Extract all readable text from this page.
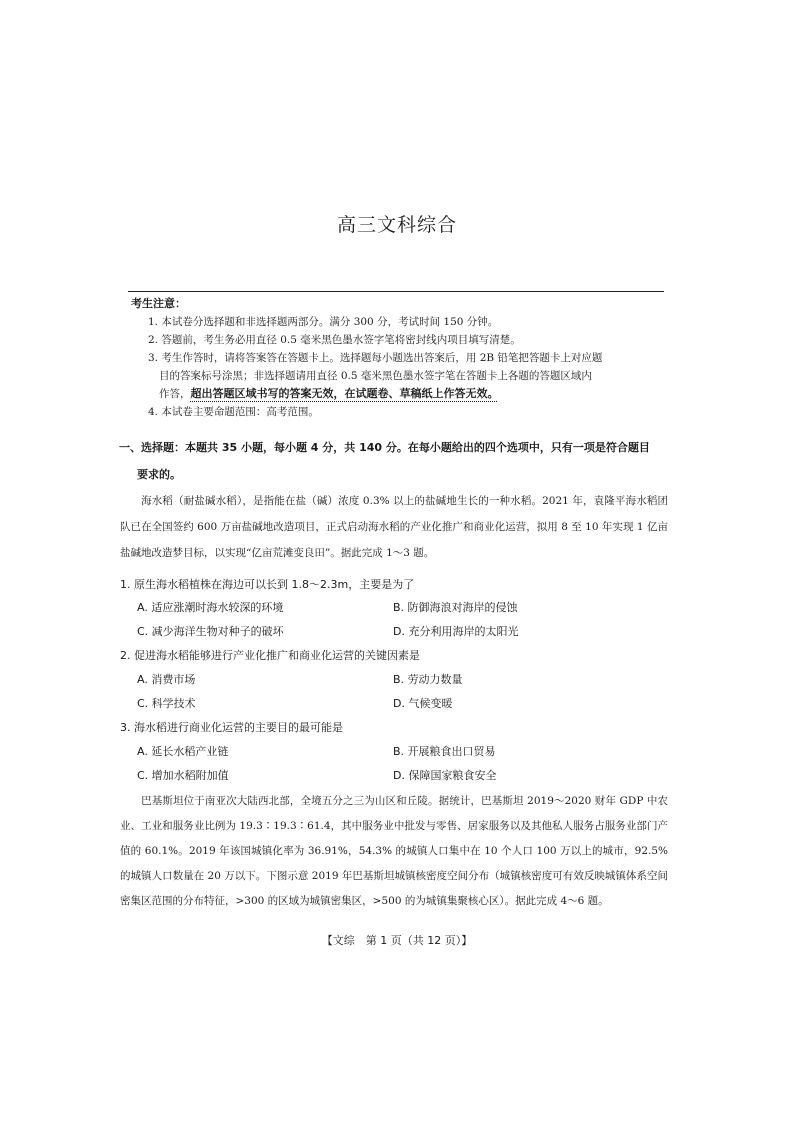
高三文科综合
考生注意：
1. 本试卷分选择题和非选择题两部分。满分 300 分，考试时间 150 分钟。
2. 答题前，考生务必用直径 0.5 毫米黑色墨水签字笔将密封线内项目填写清楚。
3. 考生作答时，请将答案答在答题卡上。选择题每小题选出答案后，用 2B 铅笔把答题卡上对应题
目的答案标号涂黑；非选择题请用直径 0.5 毫米黑色墨水签字笔在答题卡上各题的答题区域内
作答，超出答题区域书写的答案无效，在试题卷、草稿纸上作答无效。
4. 本试卷主要命题范围：高考范围。
一、选择题：本题共 35 小题，每小题 4 分，共 140 分。在每小题给出的四个选项中，只有一项是符合题目
要求的。
海水稻（耐盐碱水稻），是指能在盐（碱）浓度 0.3% 以上的盐碱地生长的一种水稻。2021 年，袁隆平海水稻团队已在全国签约 600 万亩盐碱地改造项目，正式启动海水稻的产业化推广和商业化运营，拟用 8 至 10 年实现 1 亿亩盐碱地改造梦目标，以实现“亿亩荒滩变良田”。据此完成 1～3 题。
1. 原生海水稻植株在海边可以长到 1.8～2.3m，主要是为了
A. 适应涨潮时海水较深的环境	B. 防御海浪对海岸的侵蚀
C. 减少海洋生物对种子的破坏	D. 充分利用海岸的太阳光
2. 促进海水稻能够进行产业化推广和商业化运营的关键因素是
A. 消费市场	B. 劳动力数量
C. 科学技术	D. 气候变暖
3. 海水稻进行商业化运营的主要目的最可能是
A. 延长水稻产业链	B. 开展粮食出口贸易
C. 增加水稻附加值	D. 保障国家粮食安全
巴基斯坦位于南亚次大陆西北部，全境五分之三为山区和丘陵。据统计，巴基斯坦 2019～2020 财年 GDP 中农业、工业和服务业比例为 19.3∶19.3∶61.4，其中服务业中批发与零售、居家服务以及其他私人服务占服务业部门产值的 60.1%。2019 年该国城镇化率为 36.91%，54.3% 的城镇人口集中在 10 个人口 100 万以上的城市，92.5% 的城镇人口数量在 20 万以下。下图示意 2019 年巴基斯坦城镇核密度空间分布（城镇核密度可有效反映城镇体系空间密集区范围的分布特征，>300 的区域为城镇密集区，>500 的为城镇集聚核心区）。据此完成 4～6 题。
【文综　第 1 页（共 12 页）】
